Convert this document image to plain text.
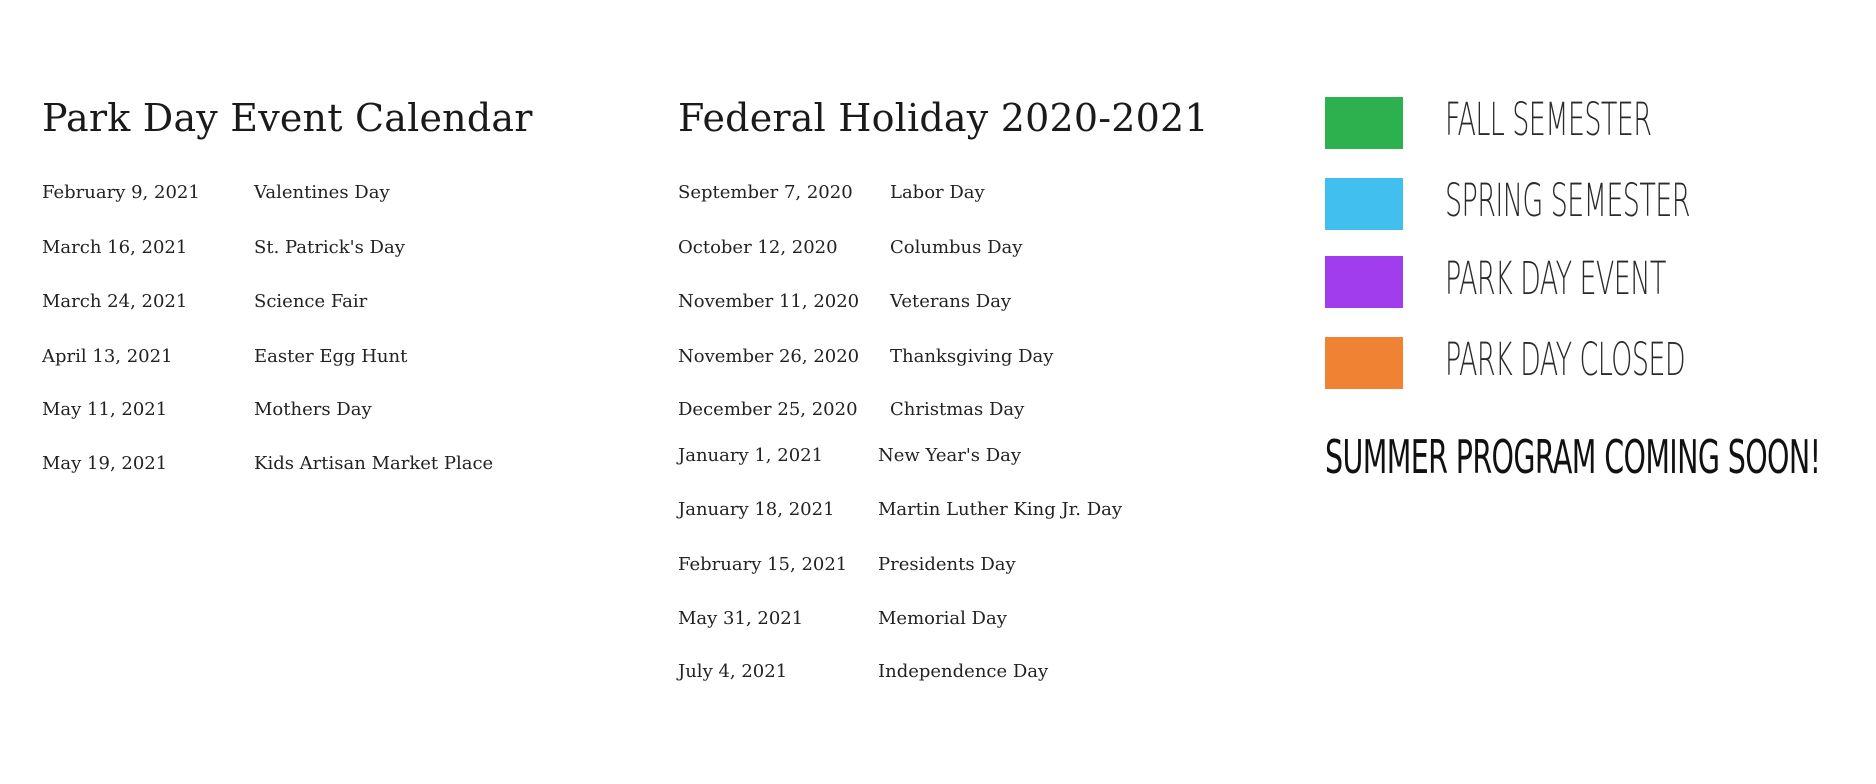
Park Day Event Calendar
February 9, 2021	Valentines Day
March 16, 2021	St. Patrick's Day
March 24, 2021	Science Fair
April 13, 2021	Easter Egg Hunt
May 11, 2021	Mothers Day
May 19, 2021	Kids Artisan Market Place
Federal Holiday 2020-2021
September 7, 2020 Labor Day
October 12, 2020	Columbus Day
November 11, 2020 Veterans Day
November 26, 2020 Thanksgiving Day
December 25, 2020 Christmas Day
January 1, 2021	New Year's Day
January 18, 2021 Martin Luther King Jr. Day
February 15, 2021 Presidents Day
May 31, 2021	Memorial Day
July 4, 2021	Independence Day
FALL SEMESTER
SPRING SEMESTER
PARK DAY EVENT
PARK DAY CLOSED
SUMMER PROGRAM COMING SOON!
